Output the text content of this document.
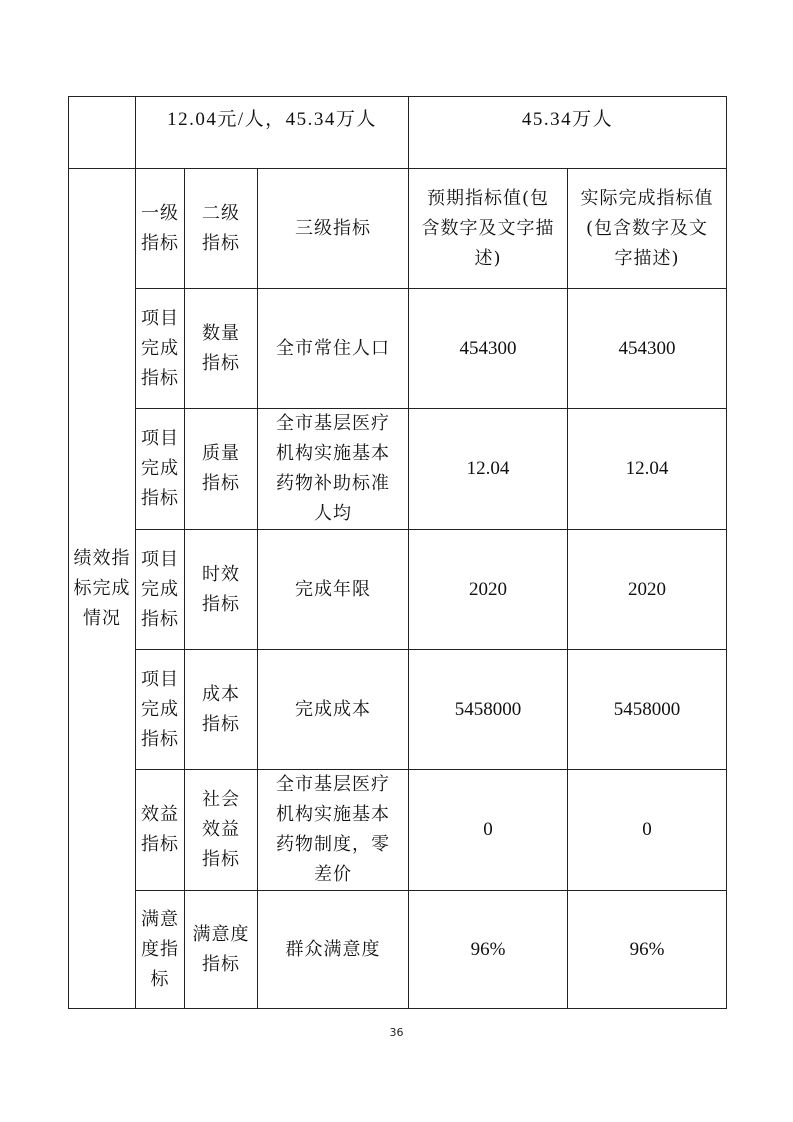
	12.04元/人，45.34万人			45.34万人	

绩效指标完成情况	一级指标	二级指标	三级指标	预期指标值(包含数字及文字描述)	实际完成指标值(包含数字及文字描述)

	项目完成指标	数量指标	全市常住人口	454300	454300

	项目完成指标	质量指标	全市基层医疗机构实施基本药物补助标准人均	12.04	12.04

	项目完成指标	时效指标	完成年限	2020	2020

	项目完成指标	成本指标	完成成本	5458000	5458000

	效益指标	社会效益指标	全市基层医疗机构实施基本药物制度，零差价	0	0

	满意度指标	满意度指标	群众满意度	96%	96%
36
